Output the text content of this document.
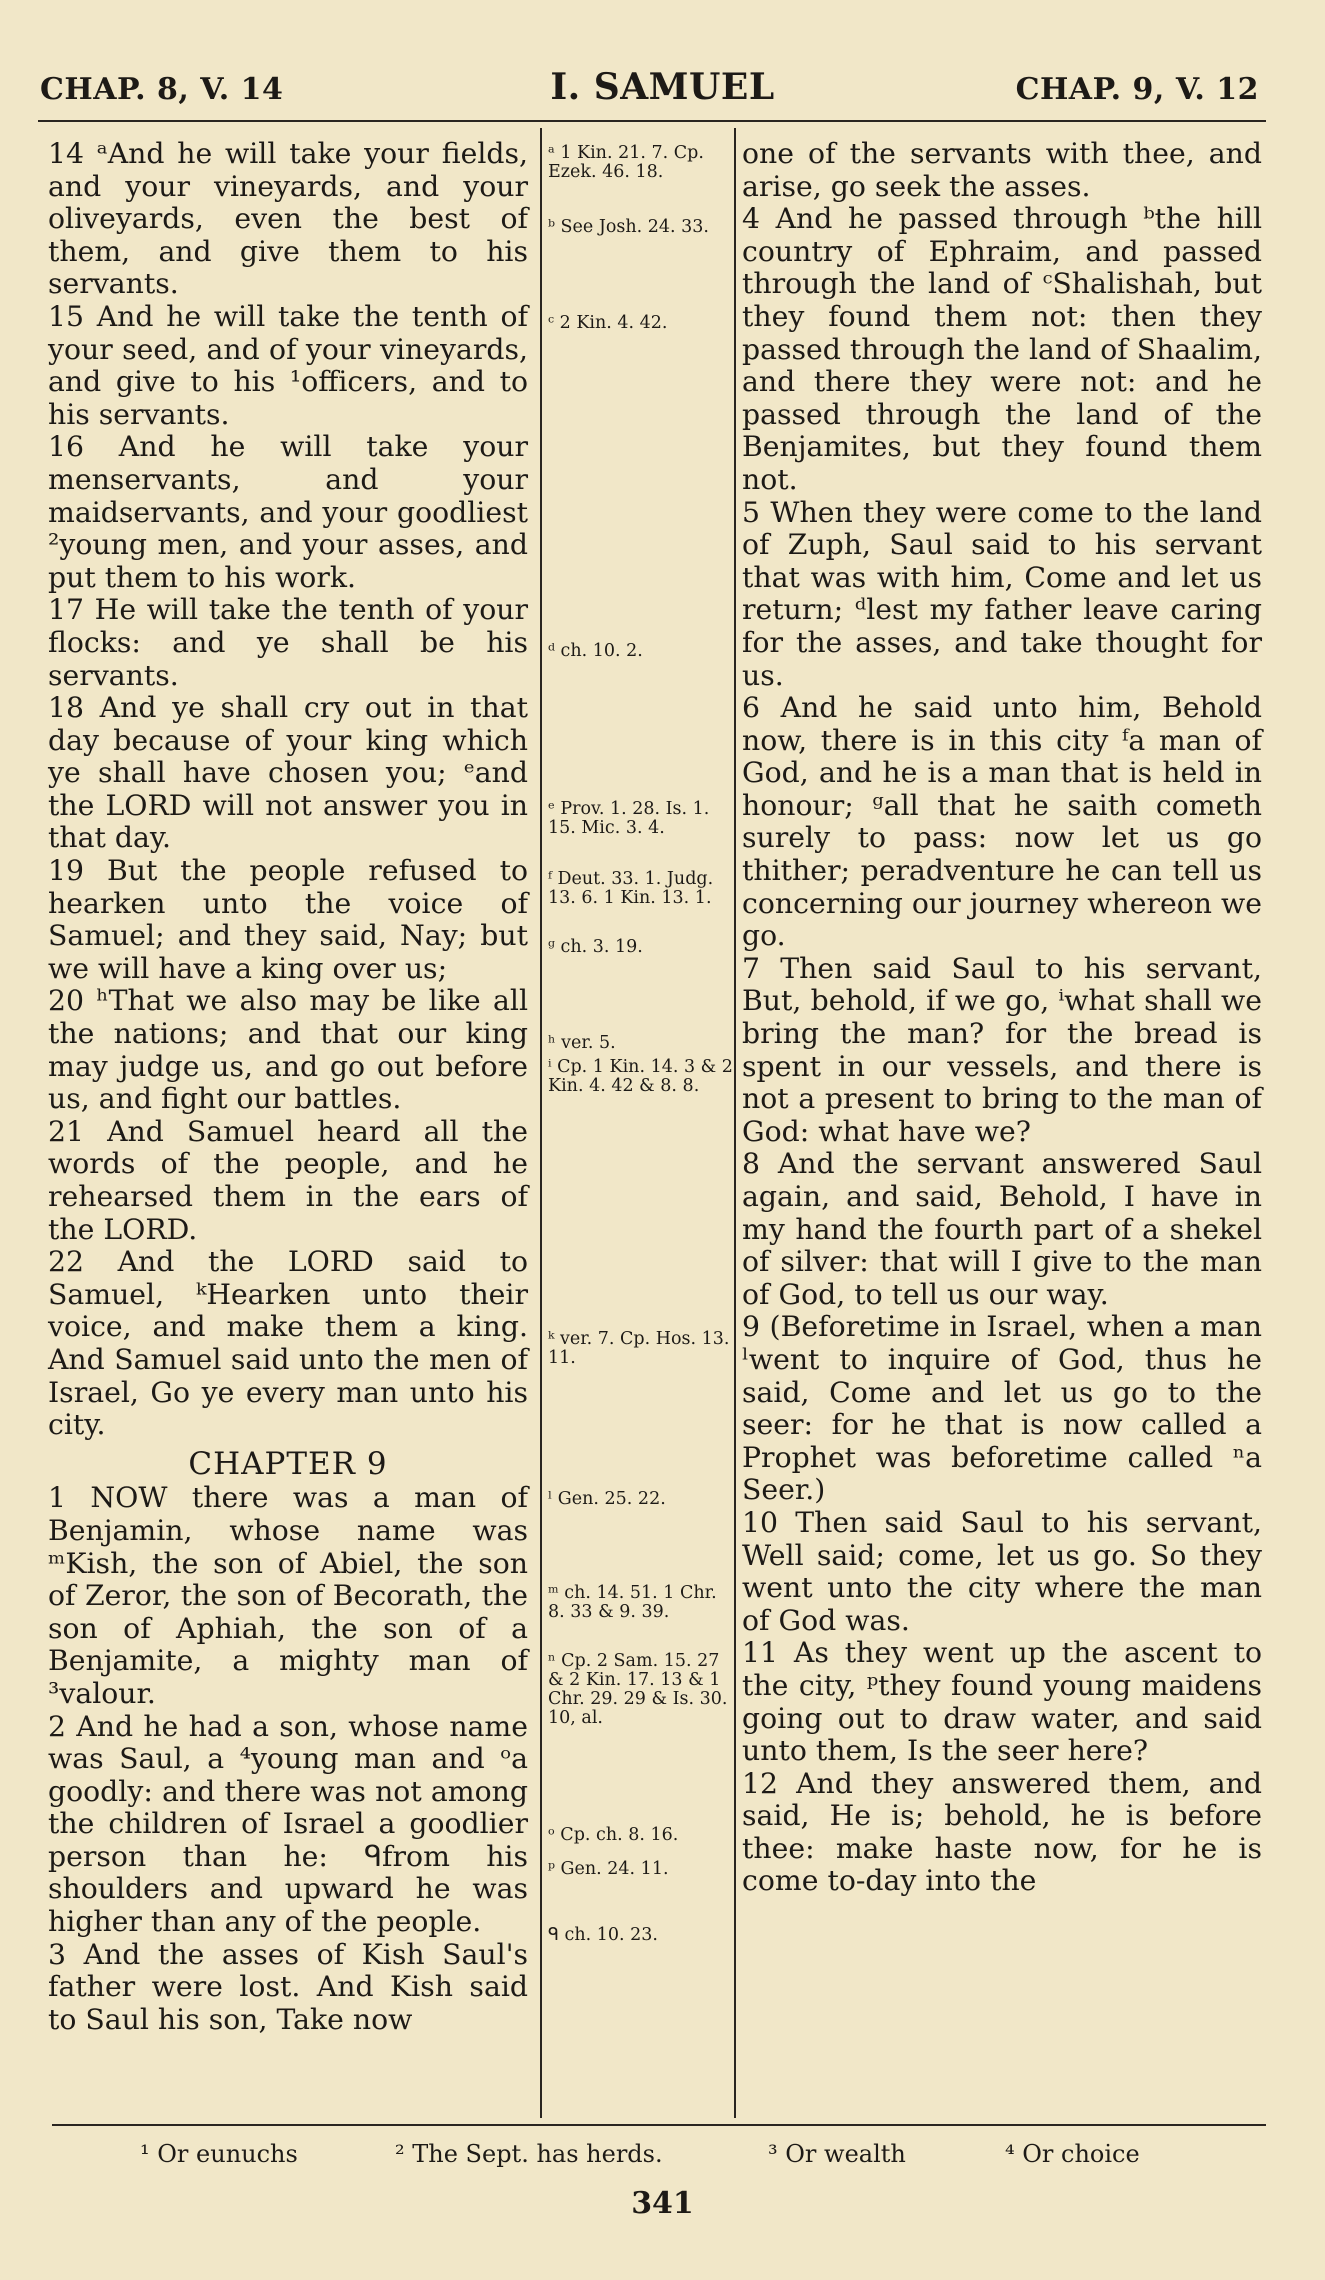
CHAP. 8, V. 14	I. SAMUEL	CHAP. 9, V. 12

14 ᵃAnd he will take your fields, and your vineyards, and your oliveyards, even the best of them, and give them to his servants.

15 And he will take the tenth of your seed, and of your vineyards, and give to his ¹officers, and to his servants.

16 And he will take your menservants, and your maidservants, and your goodliest ²young men, and your asses, and put them to his work.

17 He will take the tenth of your flocks: and ye shall be his servants.

18 And ye shall cry out in that day because of your king which ye shall have chosen you; ᵉand the LORD will not answer you in that day.

19 But the people refused to hearken unto the voice of Samuel; and they said, Nay; but we will have a king over us;

20 ʰThat we also may be like all the nations; and that our king may judge us, and go out before us, and fight our battles.

21 And Samuel heard all the words of the people, and he rehearsed them in the ears of the LORD.

22 And the LORD said to Samuel, ᵏHearken unto their voice, and make them a king. And Samuel said unto the men of Israel, Go ye every man unto his city.

CHAPTER 9

1 NOW there was a man of Benjamin, whose name was ᵐKish, the son of Abiel, the son of Zeror, the son of Becorath, the son of Aphiah, the son of a Benjamite, a mighty man of ³valour.

2 And he had a son, whose name was Saul, a ⁴young man and ᵒa goodly: and there was not among the children of Israel a goodlier person than he: ᑫfrom his shoulders and upward he was higher than any of the people.

3 And the asses of Kish Saul's father were lost. And Kish said to Saul his son, Take now

ᵃ 1 Kin. 21. 7. Cp. Ezek. 46. 18.
ᵇ See Josh. 24. 33.
ᶜ 2 Kin. 4. 42.
ᵈ ch. 10. 2.
ᵉ Prov. 1. 28. Is. 1. 15. Mic. 3. 4.
ᶠ Deut. 33. 1. Judg. 13. 6. 1 Kin. 13. 1.
ᵍ ch. 3. 19.
ʰ ver. 5.
ⁱ Cp. 1 Kin. 14. 3 & 2 Kin. 4. 42 & 8. 8.
ᵏ ver. 7. Cp. Hos. 13. 11.
ˡ Gen. 25. 22.
ᵐ ch. 14. 51. 1 Chr. 8. 33 & 9. 39.
ⁿ Cp. 2 Sam. 15. 27 & 2 Kin. 17. 13 & 1 Chr. 29. 29 & Is. 30. 10, al.
ᵒ Cp. ch. 8. 16.
ᵖ Gen. 24. 11.
ᑫ ch. 10. 23.

one of the servants with thee, and arise, go seek the asses.

4 And he passed through ᵇthe hill country of Ephraim, and passed through the land of ᶜShalishah, but they found them not: then they passed through the land of Shaalim, and there they were not: and he passed through the land of the Benjamites, but they found them not.

5 When they were come to the land of Zuph, Saul said to his servant that was with him, Come and let us return; ᵈlest my father leave caring for the asses, and take thought for us.

6 And he said unto him, Behold now, there is in this city ᶠa man of God, and he is a man that is held in honour; ᵍall that he saith cometh surely to pass: now let us go thither; peradventure he can tell us concerning our journey whereon we go.

7 Then said Saul to his servant, But, behold, if we go, ⁱwhat shall we bring the man? for the bread is spent in our vessels, and there is not a present to bring to the man of God: what have we?

8 And the servant answered Saul again, and said, Behold, I have in my hand the fourth part of a shekel of silver: that will I give to the man of God, to tell us our way.

9 (Beforetime in Israel, when a man ˡwent to inquire of God, thus he said, Come and let us go to the seer: for he that is now called a Prophet was beforetime called ⁿa Seer.)

10 Then said Saul to his servant, Well said; come, let us go. So they went unto the city where the man of God was.

11 As they went up the ascent to the city, ᵖthey found young maidens going out to draw water, and said unto them, Is the seer here?

12 And they answered them, and said, He is; behold, he is before thee: make haste now, for he is come to-day into the

¹ Or eunuchs	² The Sept. has herds.	³ Or wealth	⁴ Or choice
341
